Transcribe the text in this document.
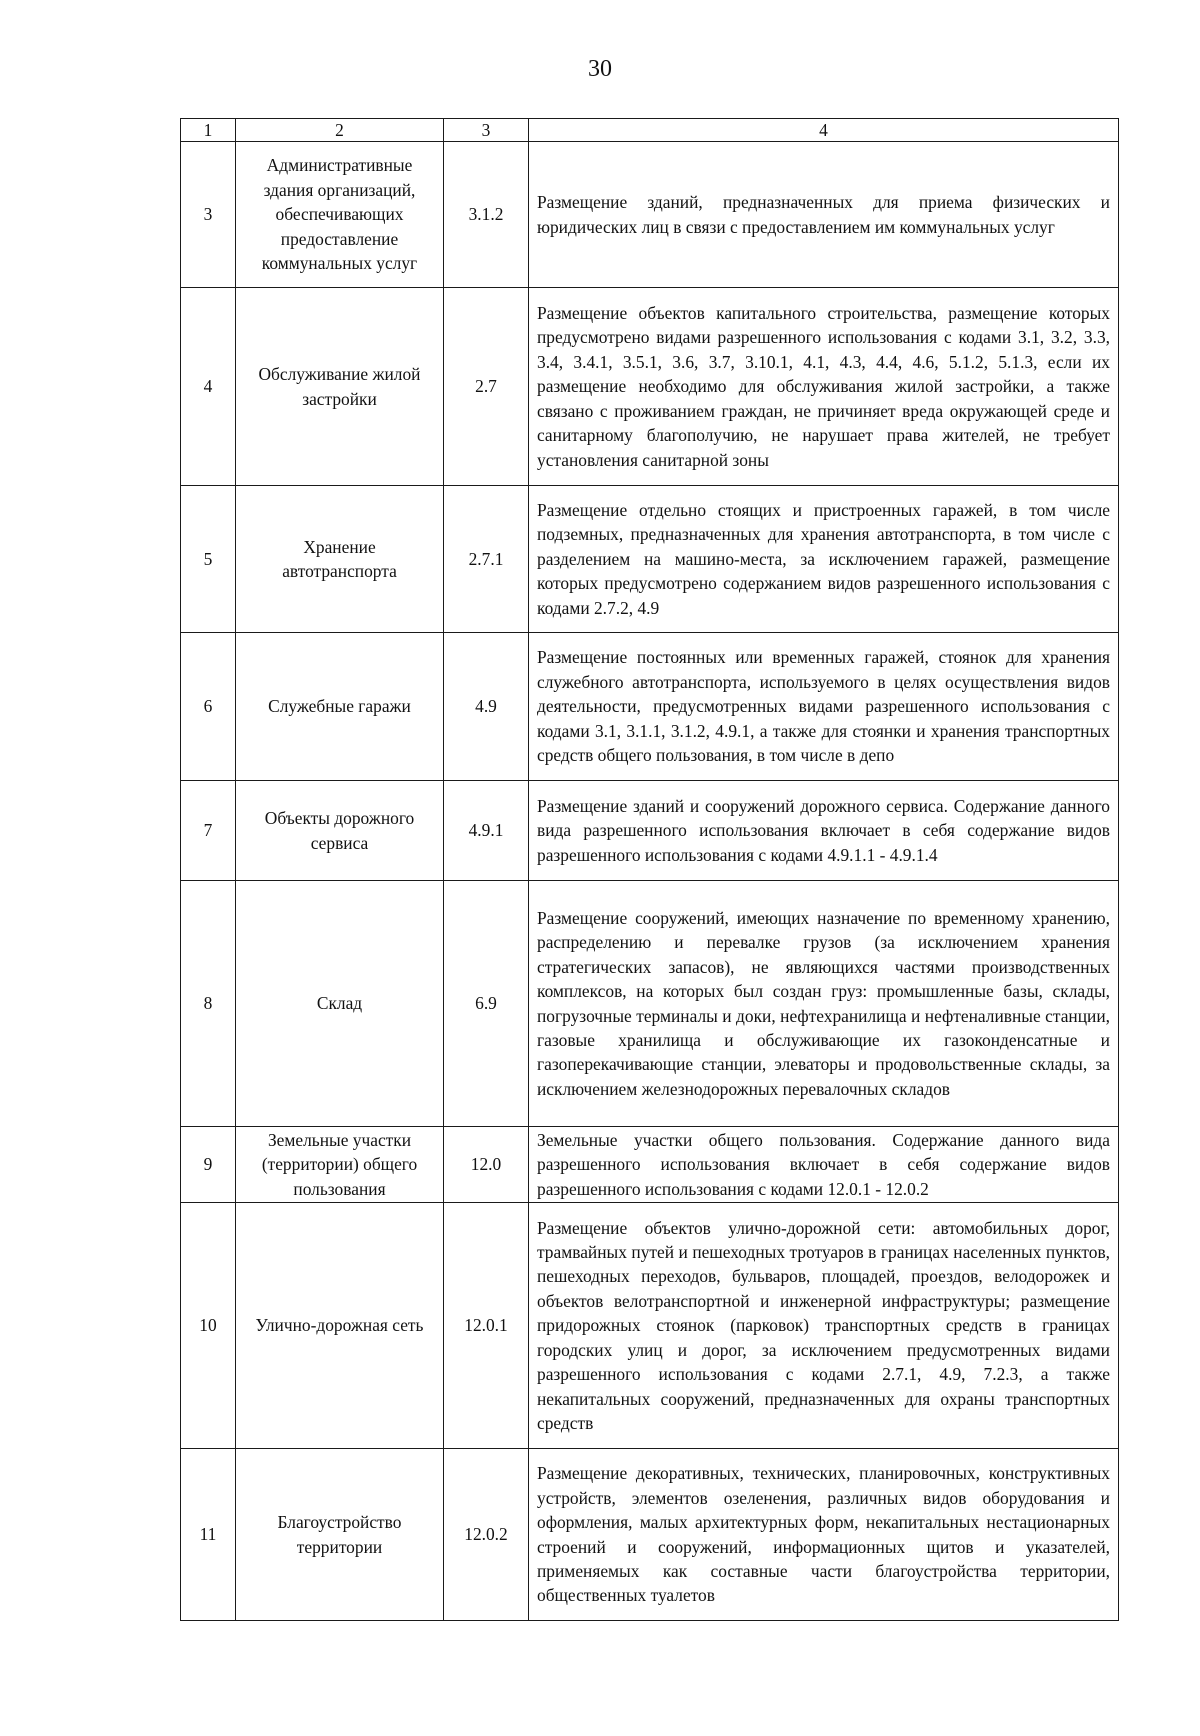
30
1	2	3	4
3	Административные здания организаций, обеспечивающих предоставление коммунальных услуг	3.1.2	Размещение зданий, предназначенных для приема физических и юридических лиц в связи с предоставлением им коммунальных услуг
4	Обслуживание жилой застройки	2.7	Размещение объектов капитального строительства, размещение которых предусмотрено видами разрешенного использования с кодами 3.1, 3.2, 3.3, 3.4, 3.4.1, 3.5.1, 3.6, 3.7, 3.10.1, 4.1, 4.3, 4.4, 4.6, 5.1.2, 5.1.3, если их размещение необходимо для обслуживания жилой застройки, а также связано с проживанием граждан, не причиняет вреда окружающей среде и санитарному благополучию, не нарушает права жителей, не требует установления санитарной зоны
5	Хранение автотранспорта	2.7.1	Размещение отдельно стоящих и пристроенных гаражей, в том числе подземных, предназначенных для хранения автотранспорта, в том числе с разделением на машино-места, за исключением гаражей, размещение которых предусмотрено содержанием видов разрешенного использования с кодами 2.7.2, 4.9
6	Служебные гаражи	4.9	Размещение постоянных или временных гаражей, стоянок для хранения служебного автотранспорта, используемого в целях осуществления видов деятельности, предусмотренных видами разрешенного использования с кодами 3.1, 3.1.1, 3.1.2, 4.9.1, а также для стоянки и хранения транспортных средств общего пользования, в том числе в депо
7	Объекты дорожного сервиса	4.9.1	Размещение зданий и сооружений дорожного сервиса. Содержание данного вида разрешенного использования включает в себя содержание видов разрешенного использования с кодами 4.9.1.1 - 4.9.1.4
8	Склад	6.9	Размещение сооружений, имеющих назначение по временному хранению, распределению и перевалке грузов (за исключением хранения стратегических запасов), не являющихся частями производственных комплексов, на которых был создан груз: промышленные базы, склады, погрузочные терминалы и доки, нефтехранилища и нефтеналивные станции, газовые хранилища и обслуживающие их газоконденсатные и газоперекачивающие станции, элеваторы и продовольственные склады, за исключением железнодорожных перевалочных складов
9	Земельные участки (территории) общего пользования	12.0	Земельные участки общего пользования. Содержание данного вида разрешенного использования включает в себя содержание видов разрешенного использования с кодами 12.0.1 - 12.0.2
10	Улично-дорожная сеть	12.0.1	Размещение объектов улично-дорожной сети: автомобильных дорог, трамвайных путей и пешеходных тротуаров в границах населенных пунктов, пешеходных переходов, бульваров, площадей, проездов, велодорожек и объектов велотранспортной и инженерной инфраструктуры; размещение придорожных стоянок (парковок) транспортных средств в границах городских улиц и дорог, за исключением предусмотренных видами разрешенного использования с кодами 2.7.1, 4.9, 7.2.3, а также некапитальных сооружений, предназначенных для охраны транспортных средств
11	Благоустройство территории	12.0.2	Размещение декоративных, технических, планировочных, конструктивных устройств, элементов озеленения, различных видов оборудования и оформления, малых архитектурных форм, некапитальных нестационарных строений и сооружений, информационных щитов и указателей, применяемых как составные части благоустройства территории, общественных туалетов
